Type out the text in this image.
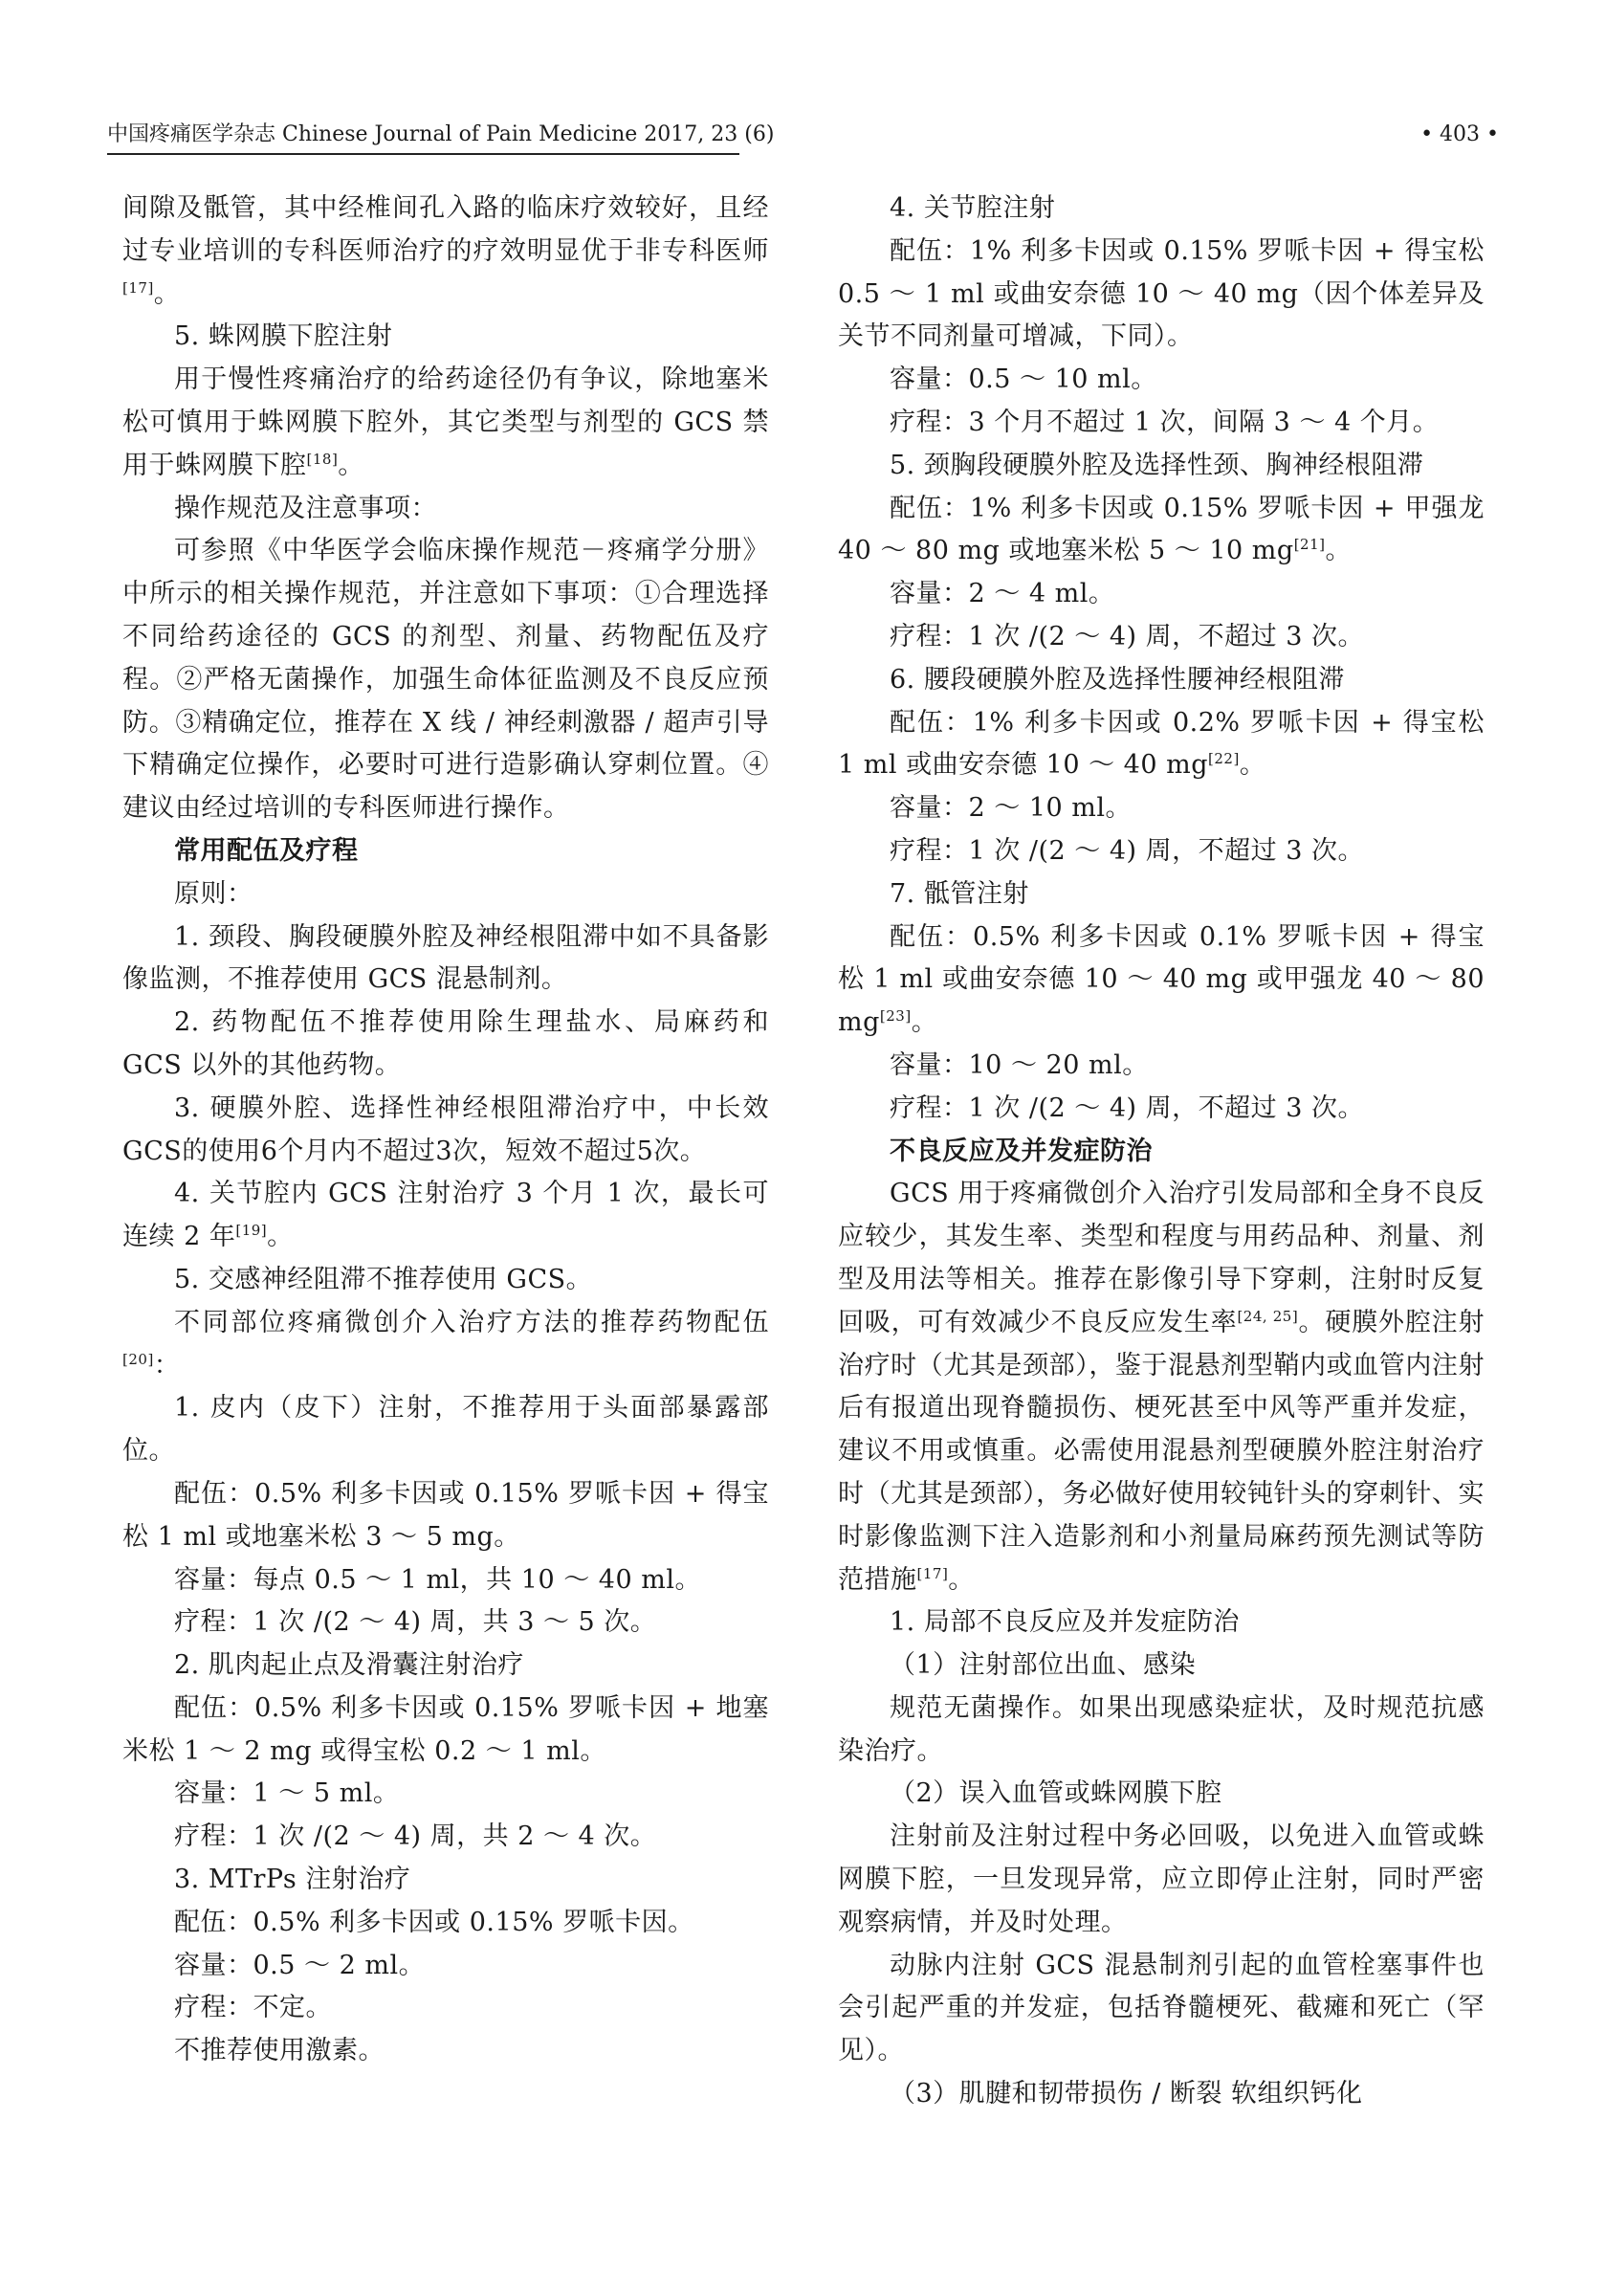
中国疼痛医学杂志 Chinese Journal of Pain Medicine 2017, 23 (6)	• 403 •

间隙及骶管，其中经椎间孔入路的临床疗效较好，且经过专业培训的专科医师治疗的疗效明显优于非专科医师[17]。

5. 蛛网膜下腔注射

用于慢性疼痛治疗的给药途径仍有争议，除地塞米松可慎用于蛛网膜下腔外，其它类型与剂型的 GCS 禁用于蛛网膜下腔[18]。

操作规范及注意事项：

可参照《中华医学会临床操作规范－疼痛学分册》中所示的相关操作规范，并注意如下事项：①合理选择不同给药途径的 GCS 的剂型、剂量、药物配伍及疗程。②严格无菌操作，加强生命体征监测及不良反应预防。③精确定位，推荐在 X 线 / 神经刺激器 / 超声引导下精确定位操作，必要时可进行造影确认穿刺位置。④建议由经过培训的专科医师进行操作。

常用配伍及疗程

原则：

1. 颈段、胸段硬膜外腔及神经根阻滞中如不具备影像监测，不推荐使用 GCS 混悬制剂。

2. 药物配伍不推荐使用除生理盐水、局麻药和 GCS 以外的其他药物。

3. 硬膜外腔、选择性神经根阻滞治疗中，中长效GCS的使用6个月内不超过3次，短效不超过5次。

4. 关节腔内 GCS 注射治疗 3 个月 1 次，最长可连续 2 年[19]。

5. 交感神经阻滞不推荐使用 GCS。

不同部位疼痛微创介入治疗方法的推荐药物配伍[20]：

1. 皮内（皮下）注射，不推荐用于头面部暴露部位。

配伍：0.5% 利多卡因或 0.15% 罗哌卡因 + 得宝松 1 ml 或地塞米松 3 ～ 5 mg。

容量：每点 0.5 ～ 1 ml，共 10 ～ 40 ml。

疗程：1 次 /(2 ～ 4) 周，共 3 ～ 5 次。

2. 肌肉起止点及滑囊注射治疗

配伍：0.5% 利多卡因或 0.15% 罗哌卡因 + 地塞米松 1 ～ 2 mg 或得宝松 0.2 ～ 1 ml。

容量：1 ～ 5 ml。

疗程：1 次 /(2 ～ 4) 周，共 2 ～ 4 次。

3. MTrPs 注射治疗

配伍：0.5% 利多卡因或 0.15% 罗哌卡因。

容量：0.5 ～ 2 ml。

疗程：不定。

不推荐使用激素。

4. 关节腔注射

配伍：1% 利多卡因或 0.15% 罗哌卡因 + 得宝松 0.5 ～ 1 ml 或曲安奈德 10 ～ 40 mg（因个体差异及关节不同剂量可增减，下同）。

容量：0.5 ～ 10 ml。

疗程：3 个月不超过 1 次，间隔 3 ～ 4 个月。

5. 颈胸段硬膜外腔及选择性颈、胸神经根阻滞

配伍：1% 利多卡因或 0.15% 罗哌卡因 + 甲强龙 40 ～ 80 mg 或地塞米松 5 ～ 10 mg[21]。

容量：2 ～ 4 ml。

疗程：1 次 /(2 ～ 4) 周，不超过 3 次。

6. 腰段硬膜外腔及选择性腰神经根阻滞

配伍：1% 利多卡因或 0.2% 罗哌卡因 + 得宝松 1 ml 或曲安奈德 10 ～ 40 mg[22]。

容量：2 ～ 10 ml。

疗程：1 次 /(2 ～ 4) 周，不超过 3 次。

7. 骶管注射

配伍：0.5% 利多卡因或 0.1% 罗哌卡因 + 得宝松 1 ml 或曲安奈德 10 ～ 40 mg 或甲强龙 40 ～ 80 mg[23]。

容量：10 ～ 20 ml。

疗程：1 次 /(2 ～ 4) 周，不超过 3 次。

不良反应及并发症防治

GCS 用于疼痛微创介入治疗引发局部和全身不良反应较少，其发生率、类型和程度与用药品种、剂量、剂型及用法等相关。推荐在影像引导下穿刺，注射时反复回吸，可有效减少不良反应发生率[24, 25]。硬膜外腔注射治疗时（尤其是颈部），鉴于混悬剂型鞘内或血管内注射后有报道出现脊髓损伤、梗死甚至中风等严重并发症，建议不用或慎重。必需使用混悬剂型硬膜外腔注射治疗时（尤其是颈部），务必做好使用较钝针头的穿刺针、实时影像监测下注入造影剂和小剂量局麻药预先测试等防范措施[17]。

1. 局部不良反应及并发症防治

（1）注射部位出血、感染

规范无菌操作。如果出现感染症状，及时规范抗感染治疗。

（2）误入血管或蛛网膜下腔

注射前及注射过程中务必回吸，以免进入血管或蛛网膜下腔，一旦发现异常，应立即停止注射，同时严密观察病情，并及时处理。

动脉内注射 GCS 混悬制剂引起的血管栓塞事件也会引起严重的并发症，包括脊髓梗死、截瘫和死亡（罕见）。

（3）肌腱和韧带损伤 / 断裂 软组织钙化
